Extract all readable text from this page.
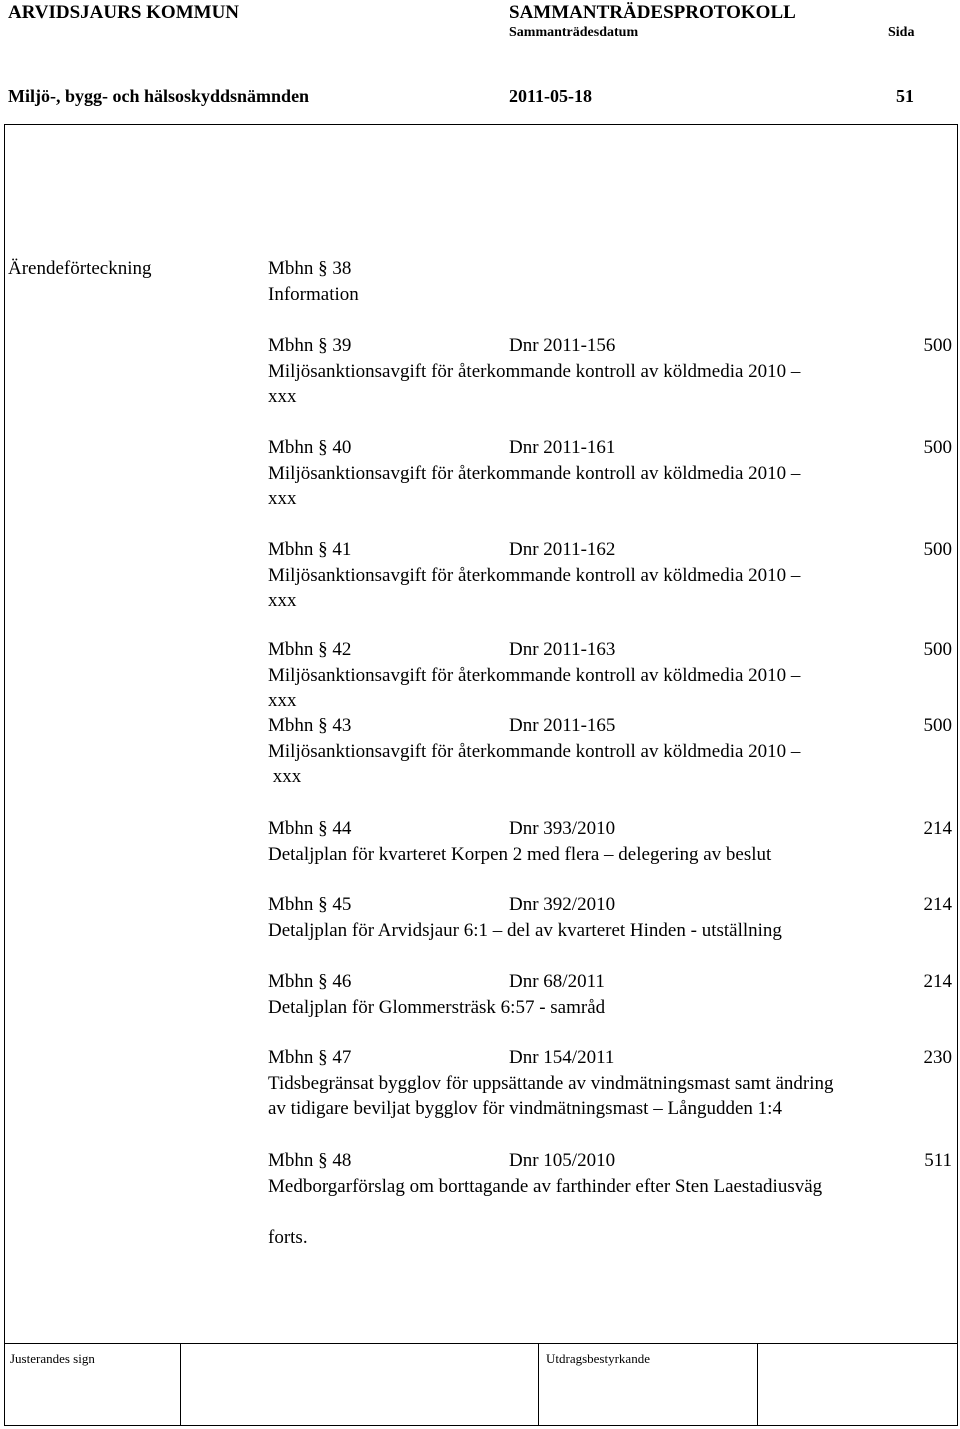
ARVIDSJAURS KOMMUN	SAMMANTRÄDESPROTOKOLL
Sammanträdesdatum	Sida
Miljö-, bygg- och hälsoskyddsnämnden	2011-05-18	51
Ärendeförteckning	Mbhn § 38
Information
Mbhn § 39	Dnr 2011-156	500
Miljösanktionsavgift för återkommande kontroll av köldmedia 2010 –
xxx
Mbhn § 40	Dnr 2011-161	500
Miljösanktionsavgift för återkommande kontroll av köldmedia 2010 –
xxx
Mbhn § 41	Dnr 2011-162	500
Miljösanktionsavgift för återkommande kontroll av köldmedia 2010 –
xxx
Mbhn § 42	Dnr 2011-163	500
Miljösanktionsavgift för återkommande kontroll av köldmedia 2010 –
xxx
Mbhn § 43	Dnr 2011-165	500
Miljösanktionsavgift för återkommande kontroll av köldmedia 2010 –
xxx
Mbhn § 44	Dnr 393/2010	214
Detaljplan för kvarteret Korpen 2 med flera – delegering av beslut
Mbhn § 45	Dnr 392/2010	214
Detaljplan för Arvidsjaur 6:1 – del av kvarteret Hinden - utställning
Mbhn § 46	Dnr 68/2011	214
Detaljplan för Glommersträsk 6:57 - samråd
Mbhn § 47	Dnr 154/2011	230
Tidsbegränsat bygglov för uppsättande av vindmätningsmast samt ändring
av tidigare beviljat bygglov för vindmätningsmast – Långudden 1:4
Mbhn § 48	Dnr 105/2010	511
Medborgarförslag om borttagande av farthinder efter Sten Laestadiusväg
forts.
Justerandes sign	Utdragsbestyrkande
